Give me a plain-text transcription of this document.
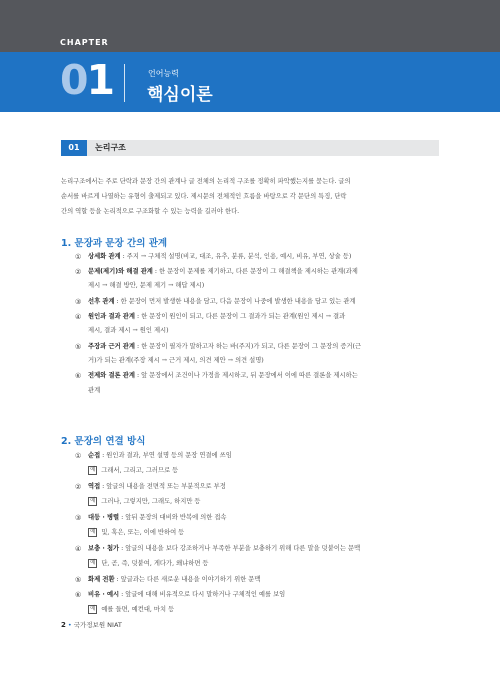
CHAPTER
01	언어능력
핵심이론
01	논리구조
논리구조에서는 주로 단락과 문장 간의 관계나 글 전체의 논리적 구조를 정확히 파악했는지를 묻는다. 글의
순서를 바르게 나열하는 유형이 출제되고 있다. 제시문의 전체적인 흐름을 바탕으로 각 문단의 특징, 단락
간의 역할 등을 논리적으로 구조화할 수 있는 능력을 길러야 한다.
1. 문장과 문장 간의 관계
① 상세화 관계 : 주지 → 구체적 설명(비교, 대조, 유추, 분류, 분석, 인용, 예시, 비유, 부연, 상술 등)
② 문제(제기)와 해결 관계 : 한 문장이 문제를 제기하고, 다른 문장이 그 해결책을 제시하는 관계(과제
제시 → 해결 방안, 문제 제기 → 해답 제시)
③ 선후 관계 : 한 문장이 먼저 발생한 내용을 담고, 다음 문장이 나중에 발생한 내용을 담고 있는 관계
④ 원인과 결과 관계 : 한 문장이 원인이 되고, 다른 문장이 그 결과가 되는 관계(원인 제시 → 결과
제시, 결과 제시 → 원인 제시)
⑤ 주장과 근거 관계 : 한 문장이 필자가 말하고자 하는 바(주지)가 되고, 다른 문장이 그 문장의 증거(근
거)가 되는 관계(주장 제시 → 근거 제시, 의견 제안 → 의견 설명)
⑥ 전제와 결론 관계 : 앞 문장에서 조건이나 가정을 제시하고, 뒤 문장에서 이에 따른 결론을 제시하는
관계
2. 문장의 연결 방식
① 순접 : 원인과 결과, 부연 설명 등의 문장 연결에 쓰임
예 그래서, 그리고, 그러므로 등
② 역접 : 앞글의 내용을 전면적 또는 부분적으로 부정
예 그러나, 그렇지만, 그래도, 하지만 등
③ 대등 · 병렬 : 앞뒤 문장의 대비와 반복에 의한 접속
예 및, 혹은, 또는, 이에 반하여 등
④ 보충 · 첨가 : 앞글의 내용을 보다 강조하거나 부족한 부분을 보충하기 위해 다른 말을 덧붙이는 문맥
예 단, 곧, 즉, 덧붙여, 게다가, 왜냐하면 등
⑤ 화제 전환 : 앞글과는 다른 새로운 내용을 이야기하기 위한 문맥
⑥ 비유 · 예시 : 앞글에 대해 비유적으로 다시 말하거나 구체적인 예를 보임
예 예를 들면, 예컨대, 마치 등
2 • 국가정보원 NIAT
